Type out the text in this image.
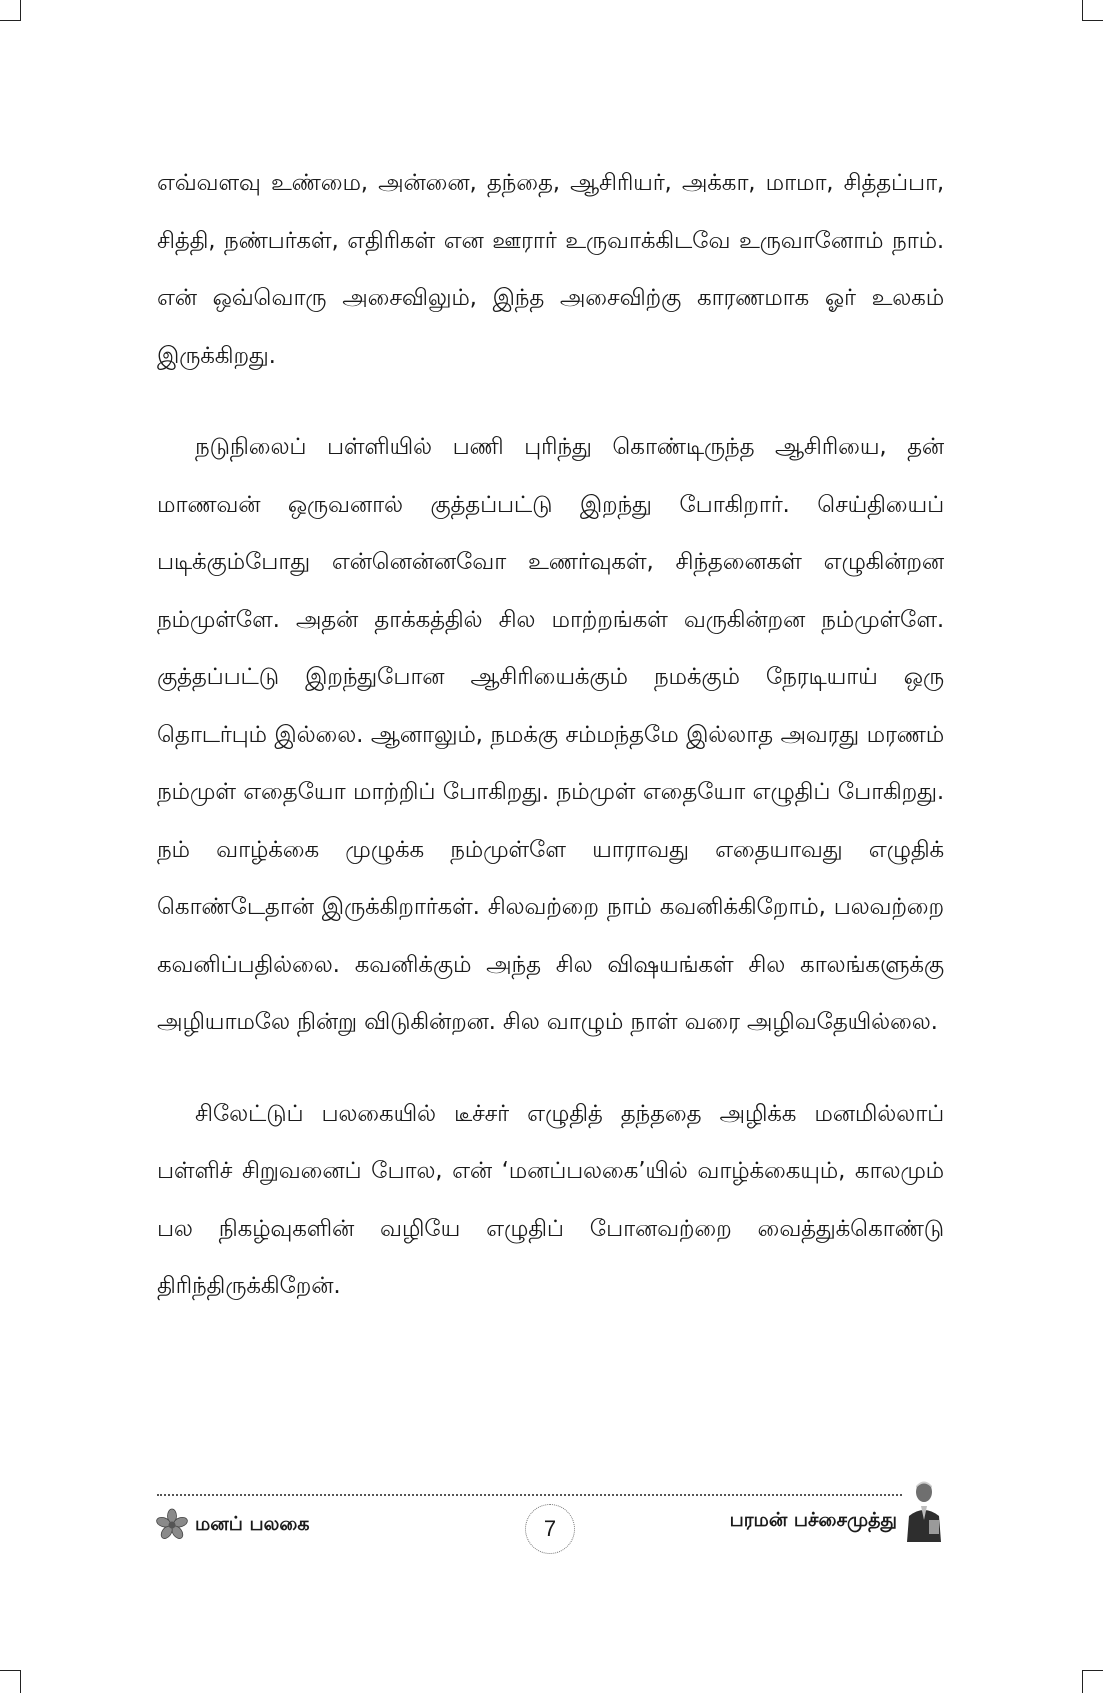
எவ்வளவு உண்மை, அன்னை, தந்தை, ஆசிரியர், அக்கா, மாமா, சித்தப்பா, சித்தி, நண்பர்கள், எதிரிகள் என ஊரார் உருவாக்கிடவே உருவானோம் நாம். என் ஒவ்வொரு அசைவிலும், இந்த அசைவிற்கு காரணமாக ஓர் உலகம் இருக்கிறது.

நடுநிலைப் பள்ளியில் பணி புரிந்து கொண்டிருந்த ஆசிரியை, தன் மாணவன் ஒருவனால் குத்தப்பட்டு இறந்து போகிறார். செய்தியைப் படிக்கும்போது என்னென்னவோ உணர்வுகள், சிந்தனைகள் எழுகின்றன நம்முள்ளே. அதன் தாக்கத்தில் சில மாற்றங்கள் வருகின்றன நம்முள்ளே. குத்தப்பட்டு இறந்துபோன ஆசிரியைக்கும் நமக்கும் நேரடியாய் ஒரு தொடர்பும் இல்லை. ஆனாலும், நமக்கு சம்மந்தமே இல்லாத அவரது மரணம் நம்முள் எதையோ மாற்றிப் போகிறது. நம்முள் எதையோ எழுதிப் போகிறது. நம் வாழ்க்கை முழுக்க நம்முள்ளே யாராவது எதையாவது எழுதிக் கொண்டேதான் இருக்கிறார்கள். சிலவற்றை நாம் கவனிக்கிறோம், பலவற்றை கவனிப்பதில்லை. கவனிக்கும் அந்த சில விஷயங்கள் சில காலங்களுக்கு அழியாமலே நின்று விடுகின்றன. சில வாழும் நாள் வரை அழிவதேயில்லை.

சிலேட்டுப் பலகையில் டீச்சர் எழுதித் தந்ததை அழிக்க மனமில்லாப் பள்ளிச் சிறுவனைப் போல, என் ‘மனப்பலகை’யில் வாழ்க்கையும், காலமும் பல நிகழ்வுகளின் வழியே எழுதிப் போனவற்றை வைத்துக்கொண்டு திரிந்திருக்கிறேன்.

மனப் பலகை	7	பரமன் பச்சைமுத்து
